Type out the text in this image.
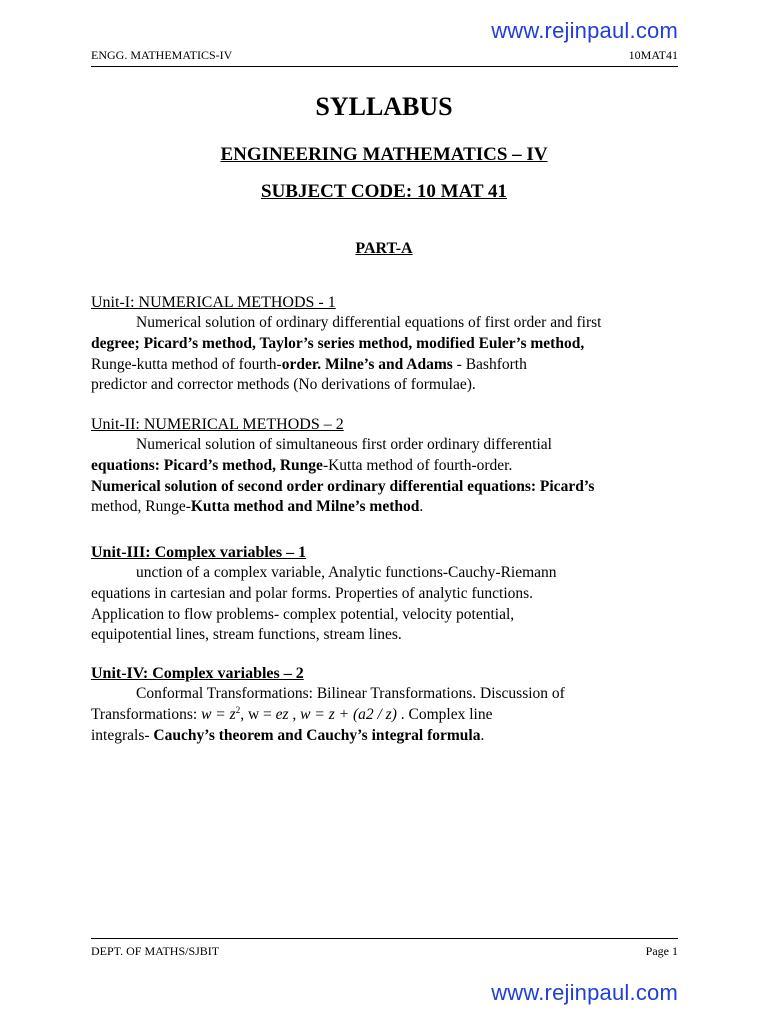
www.rejinpaul.com
ENGG. MATHEMATICS-IV	10MAT41
SYLLABUS
ENGINEERING MATHEMATICS – IV
SUBJECT CODE: 10 MAT 41
PART-A
Unit-I: NUMERICAL METHODS - 1
Numerical solution of ordinary differential equations of first order and first
degree; Picard’s method, Taylor’s series method, modified Euler’s method,
Runge-kutta method of fourth-order. Milne’s and Adams - Bashforth
predictor and corrector methods (No derivations of formulae).
Unit-II: NUMERICAL METHODS – 2
Numerical solution of simultaneous first order ordinary differential
equations: Picard’s method, Runge-Kutta method of fourth-order.
Numerical solution of second order ordinary differential equations: Picard’s
method, Runge-Kutta method and Milne’s method.
Unit-III: Complex variables – 1
unction of a complex variable, Analytic functions-Cauchy-Riemann
equations in cartesian and polar forms. Properties of analytic functions.
Application to flow problems- complex potential, velocity potential,
equipotential lines, stream functions, stream lines.
Unit-IV: Complex variables – 2
Conformal Transformations: Bilinear Transformations. Discussion of
Transformations: $w = z^2$, w = ez , w = z + (a2 / z) . Complex line
integrals- Cauchy’s theorem and Cauchy’s integral formula.
DEPT. OF MATHS/SJBIT	Page 1
www.rejinpaul.com
